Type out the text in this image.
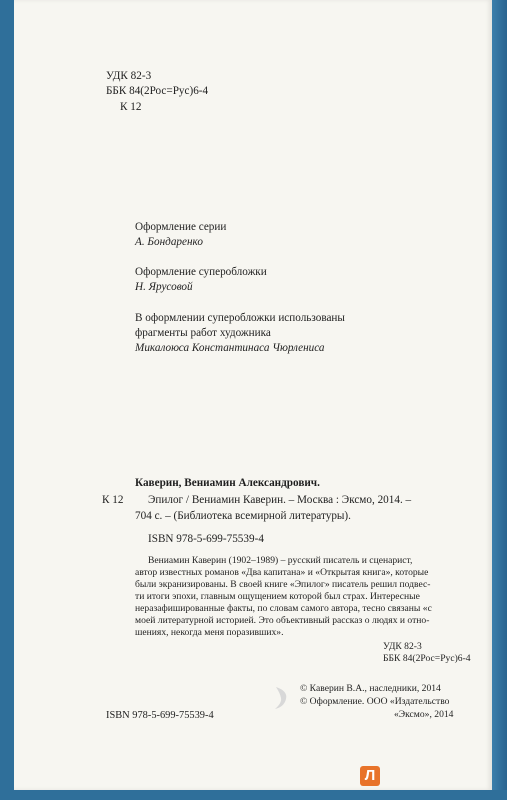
УДК 82-3
ББК 84(2Рос=Рус)6-4
К 12
Оформление серии
А. Бондаренко
Оформление суперобложки
Н. Ярусовой
В оформлении суперобложки использованы
фрагменты работ художника
Микалоюса Константинаса Чюрлениса
Каверин, Вениамин Александрович.
К 12 Эпилог / Вениамин Каверин. – Москва : Эксмо, 2014. –
704 с. – (Библиотека всемирной литературы).
ISBN 978-5-699-75539-4
Вениамин Каверин (1902–1989) – русский писатель и сценарист,
автор известных романов «Два капитана» и «Открытая книга», которые
были экранизированы. В своей книге «Эпилог» писатель решил подвес-
ти итоги эпохи, главным ощущением которой был страх. Интересные
неразафишированные факты, по словам самого автора, тесно связаны «с
моей литературной историей. Это объективный рассказ о людях и отно-
шениях, некогда меня поразивших».
УДК 82-3
ББК 84(2Рос=Рус)6-4
© Каверин В.А., наследники, 2014
© Оформление. ООО «Издательство
«Эксмо», 2014
ISBN 978-5-699-75539-4
Л
